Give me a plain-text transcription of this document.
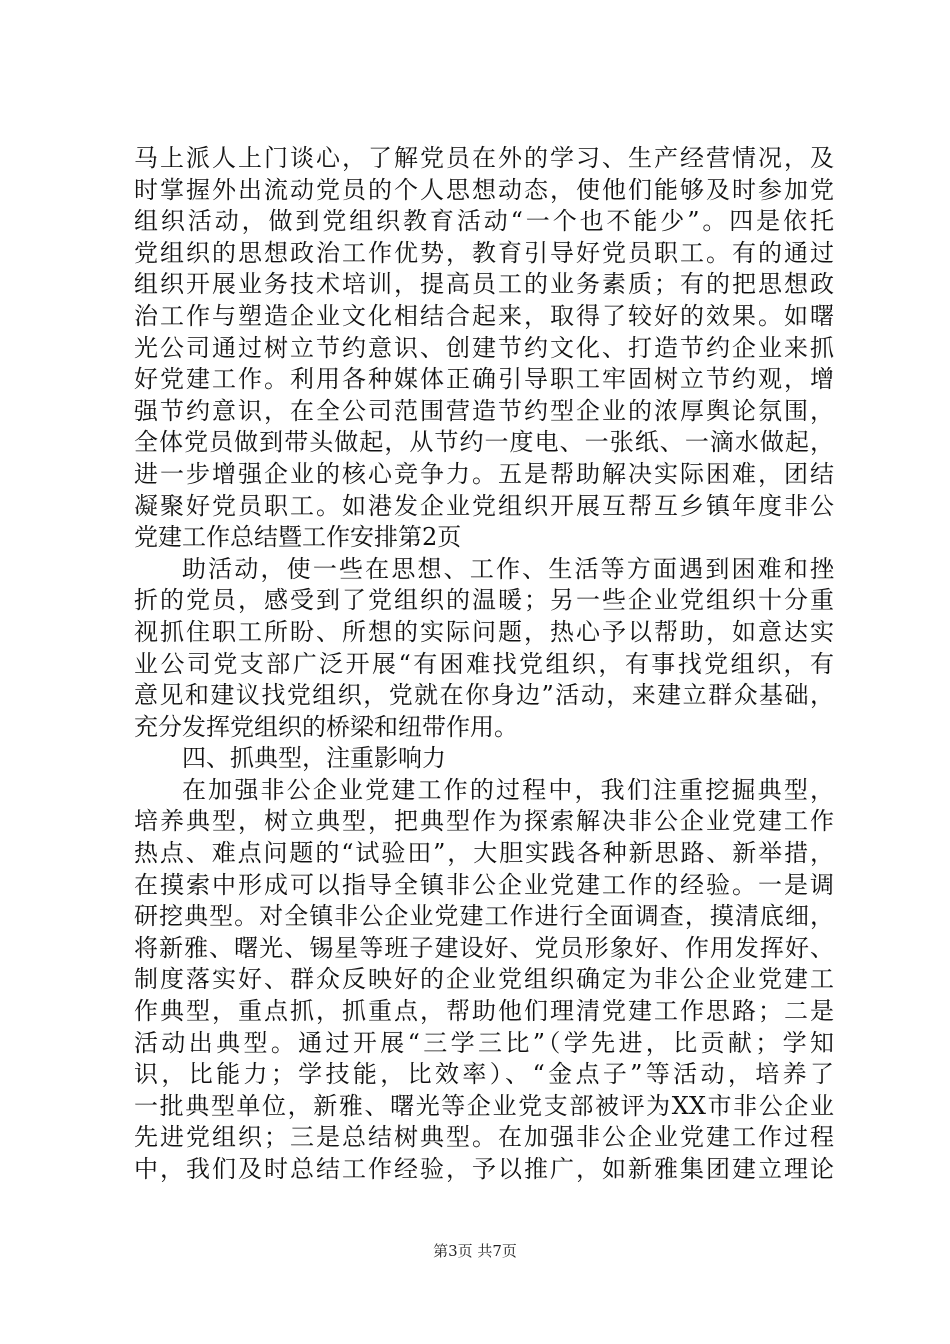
马上派人上门谈心，了解党员在外的学习、生产经营情况，及
时掌握外出流动党员的个人思想动态，使他们能够及时参加党
组织活动，做到党组织教育活动“一个也不能少”。四是依托
党组织的思想政治工作优势，教育引导好党员职工。有的通过
组织开展业务技术培训，提高员工的业务素质；有的把思想政
治工作与塑造企业文化相结合起来，取得了较好的效果。如曙
光公司通过树立节约意识、创建节约文化、打造节约企业来抓
好党建工作。利用各种媒体正确引导职工牢固树立节约观，增
强节约意识，在全公司范围营造节约型企业的浓厚舆论氛围，
全体党员做到带头做起，从节约一度电、一张纸、一滴水做起，
进一步增强企业的核心竞争力。五是帮助解决实际困难，团结
凝聚好党员职工。如港发企业党组织开展互帮互乡镇年度非公
党建工作总结暨工作安排第2页
助活动，使一些在思想、工作、生活等方面遇到困难和挫
折的党员，感受到了党组织的温暖；另一些企业党组织十分重
视抓住职工所盼、所想的实际问题，热心予以帮助，如意达实
业公司党支部广泛开展“有困难找党组织，有事找党组织，有
意见和建议找党组织，党就在你身边”活动，来建立群众基础，
充分发挥党组织的桥梁和纽带作用。
四、抓典型，注重影响力
在加强非公企业党建工作的过程中，我们注重挖掘典型，
培养典型，树立典型，把典型作为探索解决非公企业党建工作
热点、难点问题的“试验田”，大胆实践各种新思路、新举措，
在摸索中形成可以指导全镇非公企业党建工作的经验。一是调
研挖典型。对全镇非公企业党建工作进行全面调查，摸清底细，
将新雅、曙光、锡星等班子建设好、党员形象好、作用发挥好、
制度落实好、群众反映好的企业党组织确定为非公企业党建工
作典型，重点抓，抓重点，帮助他们理清党建工作思路；二是
活动出典型。通过开展“三学三比”（学先进，比贡献；学知
识，比能力；学技能，比效率）、“金点子”等活动，培养了
一批典型单位，新雅、曙光等企业党支部被评为XX市非公企业
先进党组织；三是总结树典型。在加强非公企业党建工作过程
中，我们及时总结工作经验，予以推广，如新雅集团建立理论
第3页 共7页
